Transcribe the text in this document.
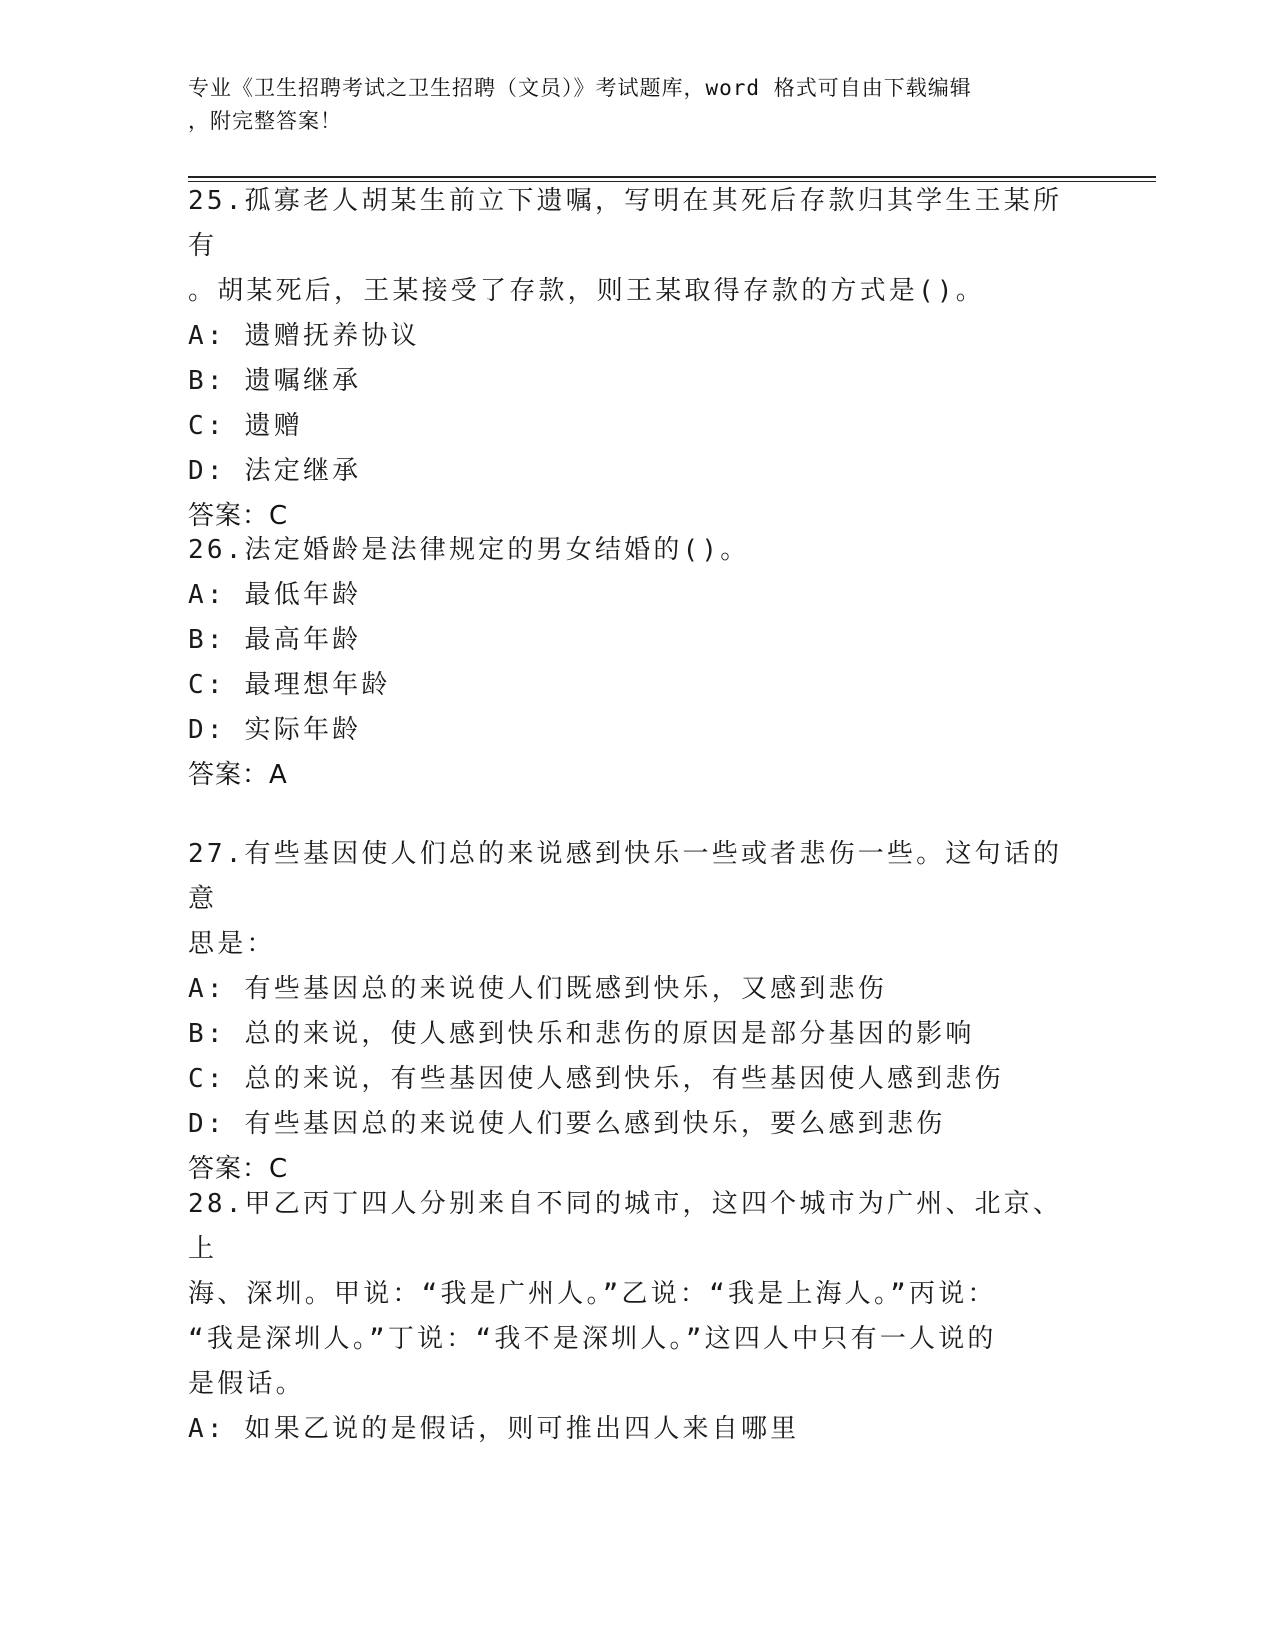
专业《卫生招聘考试之卫生招聘（文员）》考试题库，word 格式可自由下载编辑
，附完整答案！

25.孤寡老人胡某生前立下遗嘱，写明在其死后存款归其学生王某所有

。胡某死后，王某接受了存款，则王某取得存款的方式是()。

A: 遗赠抚养协议

B: 遗嘱继承

C: 遗赠

D: 法定继承

答案：C

26.法定婚龄是法律规定的男女结婚的()。

A: 最低年龄

B: 最高年龄

C: 最理想年龄

D: 实际年龄

答案：A

27.有些基因使人们总的来说感到快乐一些或者悲伤一些。这句话的意

思是：

A: 有些基因总的来说使人们既感到快乐，又感到悲伤

B: 总的来说，使人感到快乐和悲伤的原因是部分基因的影响

C: 总的来说，有些基因使人感到快乐，有些基因使人感到悲伤

D: 有些基因总的来说使人们要么感到快乐，要么感到悲伤

答案：C

28.甲乙丙丁四人分别来自不同的城市，这四个城市为广州、北京、上

海、深圳。甲说：“我是广州人。”乙说：“我是上海人。”丙说：

“我是深圳人。”丁说：“我不是深圳人。”这四人中只有一人说的

是假话。

A: 如果乙说的是假话，则可推出四人来自哪里
